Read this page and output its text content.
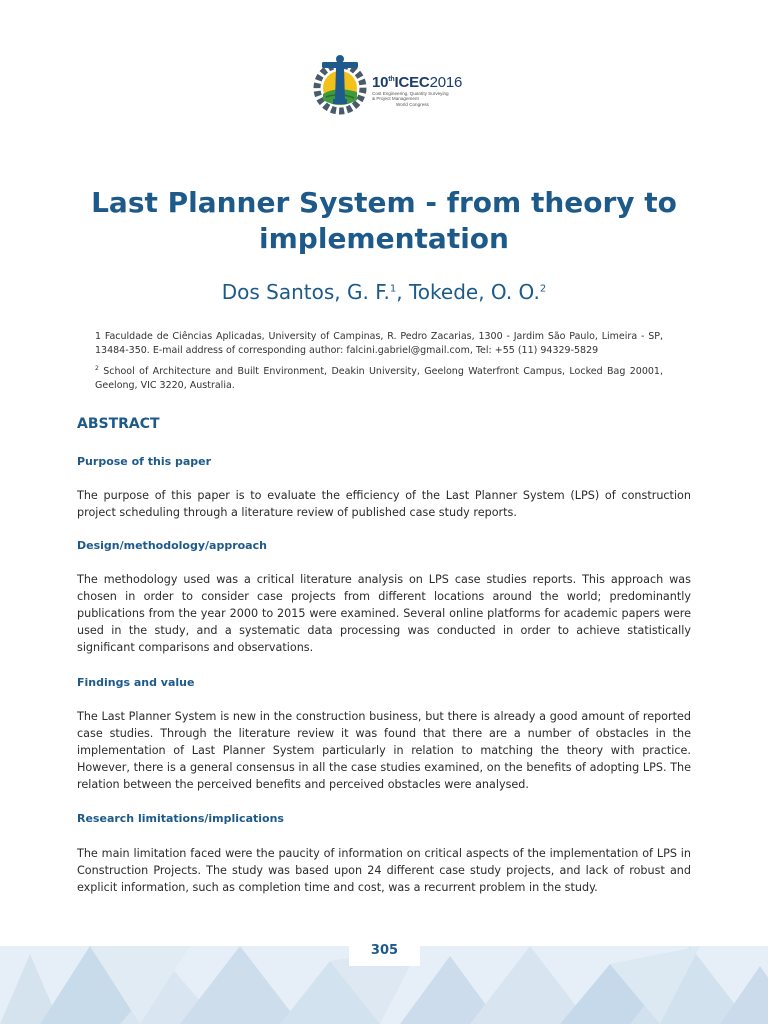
10thICEC2016
Cost Engineering, Quantity Surveying
& Project Management
World Congress
Last Planner System - from theory to implementation
Dos Santos, G. F.$^1$, Tokede, O. O.$^2$

1 Faculdade de Ciências Aplicadas, University of Campinas, R. Pedro Zacarias, 1300 - Jardim São Paulo, Limeira - SP, 13484-350. E-mail address of corresponding author: falcini.gabriel@gmail.com, Tel: +55 (11) 94329-5829

$^2$ School of Architecture and Built Environment, Deakin University, Geelong Waterfront Campus, Locked Bag 20001, Geelong, VIC 3220, Australia.

ABSTRACT
Purpose of this paper

The purpose of this paper is to evaluate the efficiency of the Last Planner System (LPS) of construction project scheduling through a literature review of published case study reports.

Design/methodology/approach

The methodology used was a critical literature analysis on LPS case studies reports. This approach was chosen in order to consider case projects from different locations around the world; predominantly publications from the year 2000 to 2015 were examined. Several online platforms for academic papers were used in the study, and a systematic data processing was conducted in order to achieve statistically significant comparisons and observations.

Findings and value

The Last Planner System is new in the construction business, but there is already a good amount of reported case studies. Through the literature review it was found that there are a number of obstacles in the implementation of Last Planner System particularly in relation to matching the theory with practice. However, there is a general consensus in all the case studies examined, on the benefits of adopting LPS. The relation between the perceived benefits and perceived obstacles were analysed.

Research limitations/implications

The main limitation faced were the paucity of information on critical aspects of the implementation of LPS in Construction Projects. The study was based upon 24 different case study projects, and lack of robust and explicit information, such as completion time and cost, was a recurrent problem in the study.

305
